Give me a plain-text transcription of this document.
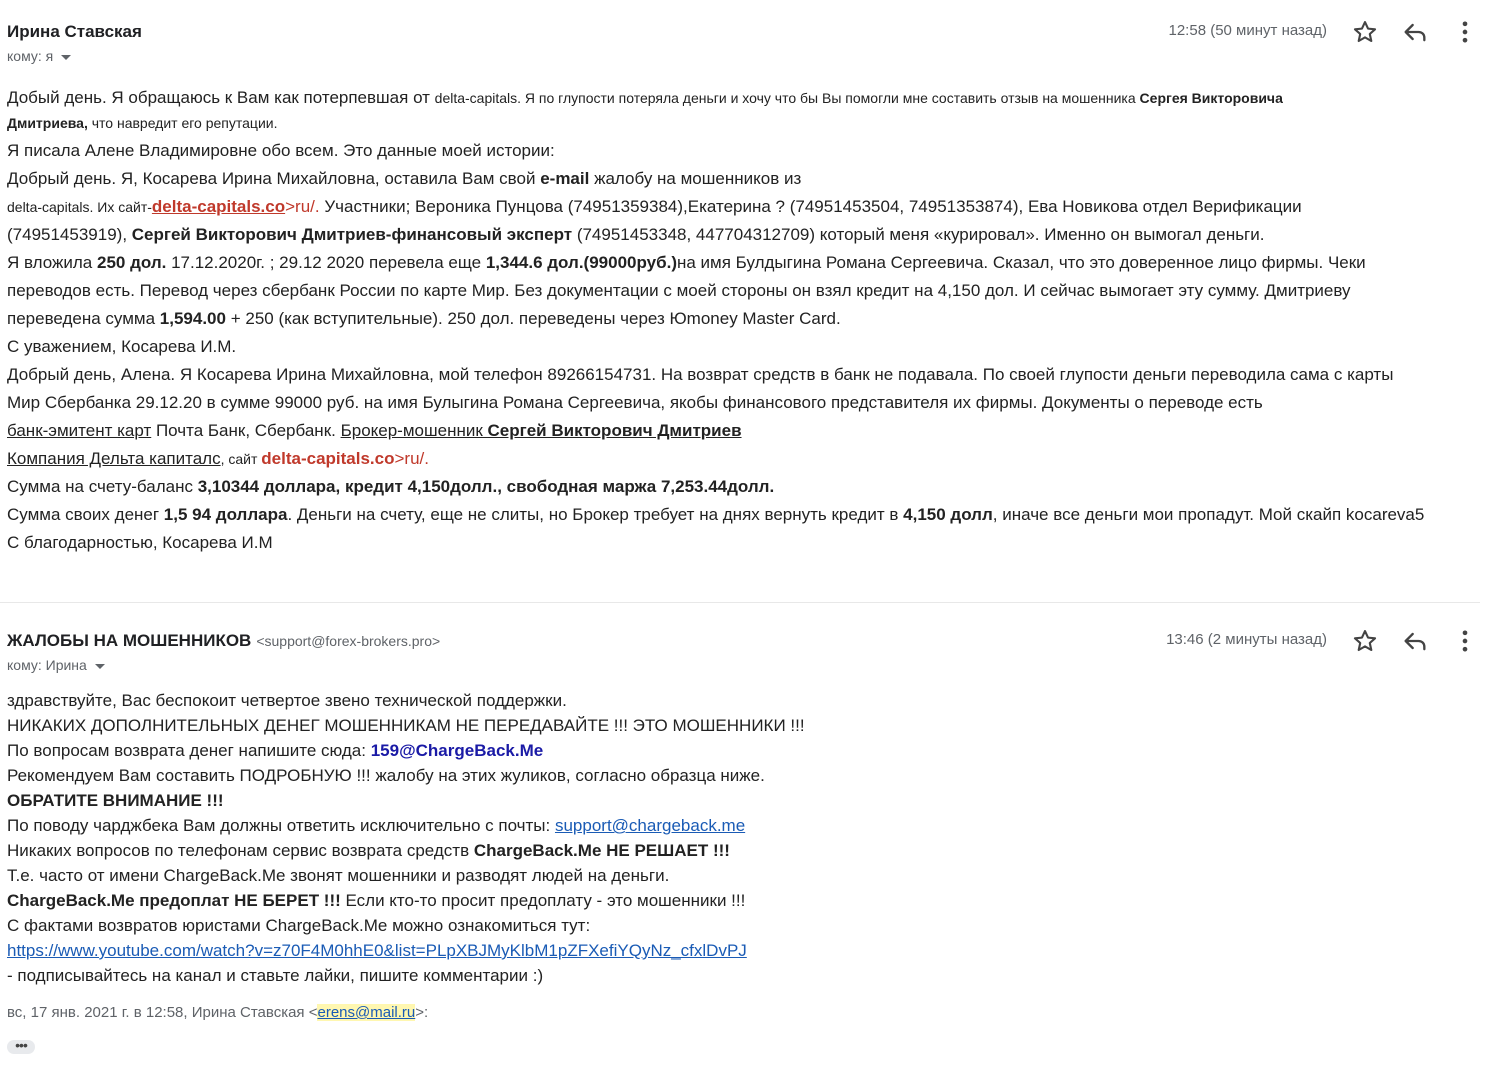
Ирина Ставская
кому: я
12:58 (50 минут назад)
Добый день. Я обращаюсь к Вам как потерпевшая от delta-capitals. Я по глупости потеряла деньги и хочу что бы Вы помогли мне составить отзыв на мошенника Сергея Викторовича
Дмитриева, что навредит его репутации.
Я писала Алене Владимировне обо всем. Это данные моей истории:
Добрый день. Я, Косарева Ирина Михайловна, оставила Вам свой e-mail жалобу на мошенников из
delta-capitals. Их сайт-delta-capitals.co>ru/. Участники; Вероника Пунцова (74951359384),Екатерина ? (74951453504, 74951353874), Ева Новикова отдел Верификации
(74951453919), Сергей Викторович Дмитриев-финансовый эксперт (74951453348, 447704312709) который меня «курировал». Именно он вымогал деньги.
Я вложила 250 дол. 17.12.2020г. ; 29.12 2020 перевела еще 1,344.6 дол.(99000руб.)на имя Булдыгина Романа Сергеевича. Сказал, что это доверенное лицо фирмы. Чеки
переводов есть. Перевод через сбербанк России по карте Мир. Без документации с моей стороны он взял кредит на 4,150 дол. И сейчас вымогает эту сумму. Дмитриеву
переведена сумма 1,594.00 + 250 (как вступительные). 250 дол. переведены через Юmoney Master Card.
С уважением, Косарева И.М.
Добрый день, Алена. Я Косарева Ирина Михайловна, мой телефон 89266154731. На возврат средств в банк не подавала. По своей глупости деньги переводила сама с карты
Мир Сбербанка 29.12.20 в сумме 99000 руб. на имя Булыгина Романа Сергеевича, якобы финансового представителя их фирмы. Документы о переводе есть
банк-эмитент карт Почта Банк, Сбербанк. Брокер-мошенник Сергей Викторович Дмитриев
Компания Дельта капиталс, сайт delta-capitals.co>ru/.
Сумма на счету-баланс 3,10344 доллара, кредит 4,150долл., свободная маржа 7,253.44долл.
Сумма своих денег 1,5 94 доллара. Деньги на счету, еще не слиты, но Брокер требует на днях вернуть кредит в 4,150 долл, иначе все деньги мои пропадут. Мой скайп kocareva5
С благодарностью, Косарева И.М
ЖАЛОБЫ НА МОШЕННИКОВ <support@forex-brokers.pro>
кому: Ирина
13:46 (2 минуты назад)
здравствуйте, Вас беспокоит четвертое звено технической поддержки.
НИКАКИХ ДОПОЛНИТЕЛЬНЫХ ДЕНЕГ МОШЕННИКАМ НЕ ПЕРЕДАВАЙТЕ !!! ЭТО МОШЕННИКИ !!!
По вопросам возврата денег напишите сюда: 159@ChargeBack.Me
Рекомендуем Вам составить ПОДРОБНУЮ !!! жалобу на этих жуликов, согласно образца ниже.
ОБРАТИТЕ ВНИМАНИЕ !!!
По поводу чарджбека Вам должны ответить исключительно с почты: support@chargeback.me
Никаких вопросов по телефонам сервис возврата средств ChargeBack.Me НЕ РЕШАЕТ !!!
Т.е. часто от имени ChargeBack.Me звонят мошенники и разводят людей на деньги.
ChargeBack.Me предоплат НЕ БЕРЕТ !!! Если кто-то просит предоплату - это мошенники !!!
С фактами возвратов юристами ChargeBack.Me можно ознакомиться тут:
https://www.youtube.com/watch?v=z70F4M0hhE0&list=PLpXBJMyKlbM1pZFXefiYQyNz_cfxlDvPJ
- подписывайтесь на канал и ставьте лайки, пишите комментарии :)
вс, 17 янв. 2021 г. в 12:58, Ирина Ставская <erens@mail.ru>:
•••
